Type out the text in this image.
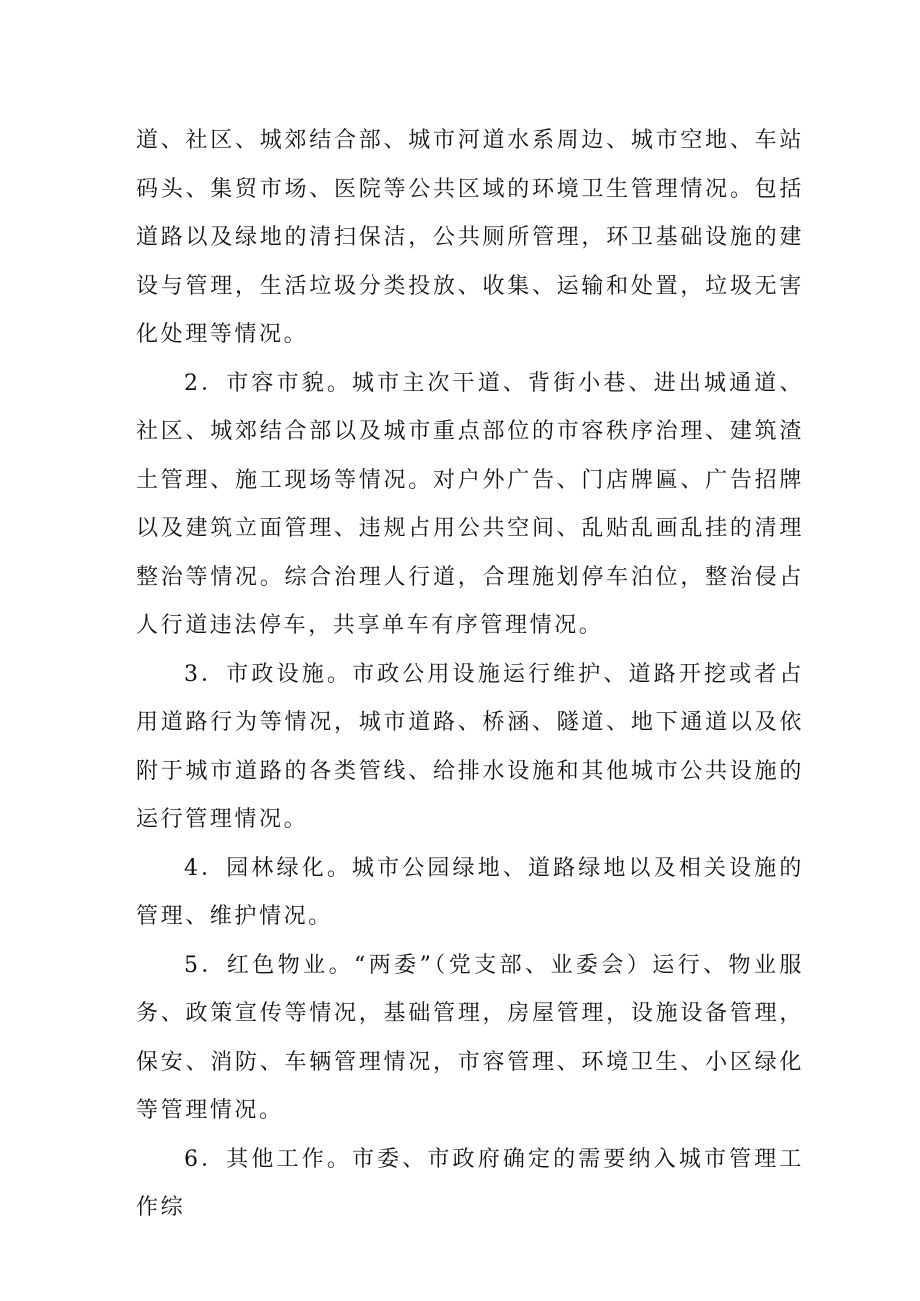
道、社区、城郊结合部、城市河道水系周边、城市空地、车站码头、集贸市场、医院等公共区域的环境卫生管理情况。包括道路以及绿地的清扫保洁，公共厕所管理，环卫基础设施的建设与管理，生活垃圾分类投放、收集、运输和处置，垃圾无害化处理等情况。

2．市容市貌。城市主次干道、背街小巷、进出城通道、社区、城郊结合部以及城市重点部位的市容秩序治理、建筑渣土管理、施工现场等情况。对户外广告、门店牌匾、广告招牌以及建筑立面管理、违规占用公共空间、乱贴乱画乱挂的清理整治等情况。综合治理人行道，合理施划停车泊位，整治侵占人行道违法停车，共享单车有序管理情况。

3．市政设施。市政公用设施运行维护、道路开挖或者占用道路行为等情况，城市道路、桥涵、隧道、地下通道以及依附于城市道路的各类管线、给排水设施和其他城市公共设施的运行管理情况。

4．园林绿化。城市公园绿地、道路绿地以及相关设施的管理、维护情况。

5．红色物业。“两委”（党支部、业委会）运行、物业服务、政策宣传等情况，基础管理，房屋管理，设施设备管理，保安、消防、车辆管理情况，市容管理、环境卫生、小区绿化等管理情况。

6．其他工作。市委、市政府确定的需要纳入城市管理工作综
